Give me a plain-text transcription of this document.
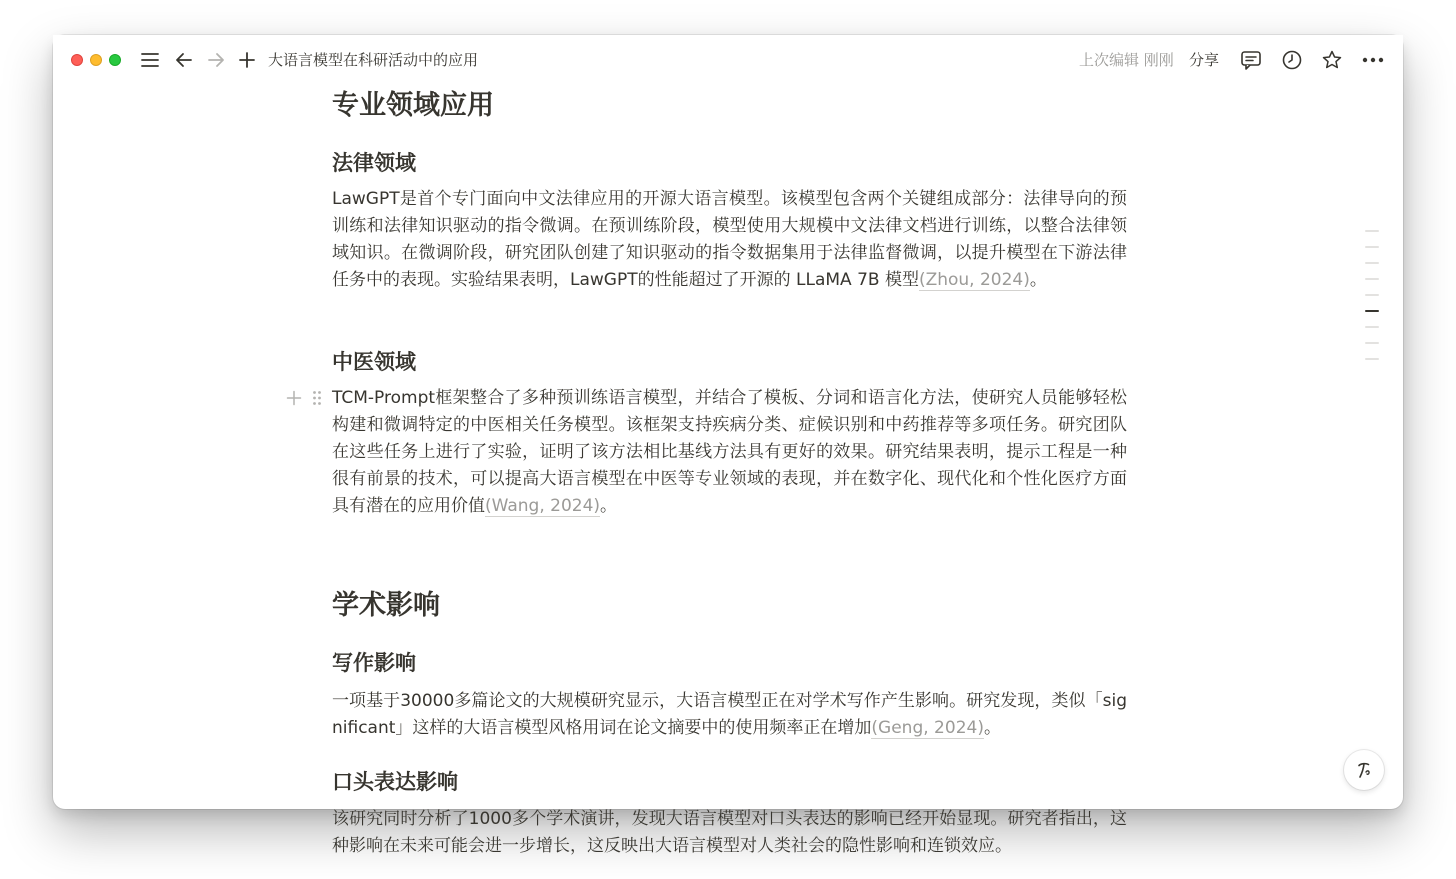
大语言模型在科研活动中的应用	上次编辑 刚刚 分享
专业领域应用
法律领域

LawGPT是首个专门面向中文法律应用的开源大语言模型。该模型包含两个关键组成部分：法律导向的预训练和法律知识驱动的指令微调。在预训练阶段，模型使用大规模中文法律文档进行训练，以整合法律领域知识。在微调阶段，研究团队创建了知识驱动的指令数据集用于法律监督微调，以提升模型在下游法律任务中的表现。实验结果表明，LawGPT的性能超过了开源的 LLaMA 7B 模型(Zhou, 2024)。

中医领域

TCM-Prompt框架整合了多种预训练语言模型，并结合了模板、分词和语言化方法，使研究人员能够轻松构建和微调特定的中医相关任务模型。该框架支持疾病分类、症候识别和中药推荐等多项任务。研究团队在这些任务上进行了实验，证明了该方法相比基线方法具有更好的效果。研究结果表明，提示工程是一种很有前景的技术，可以提高大语言模型在中医等专业领域的表现，并在数字化、现代化和个性化医疗方面具有潜在的应用价值(Wang, 2024)。

学术影响
写作影响

一项基于30000多篇论文的大规模研究显示，大语言模型正在对学术写作产生影响。研究发现，类似「significant」这样的大语言模型风格用词在论文摘要中的使用频率正在增加(Geng, 2024)。

口头表达影响

该研究同时分析了1000多个学术演讲，发现大语言模型对口头表达的影响已经开始显现。研究者指出，这种影响在未来可能会进一步增长，这反映出大语言模型对人类社会的隐性影响和连锁效应。
